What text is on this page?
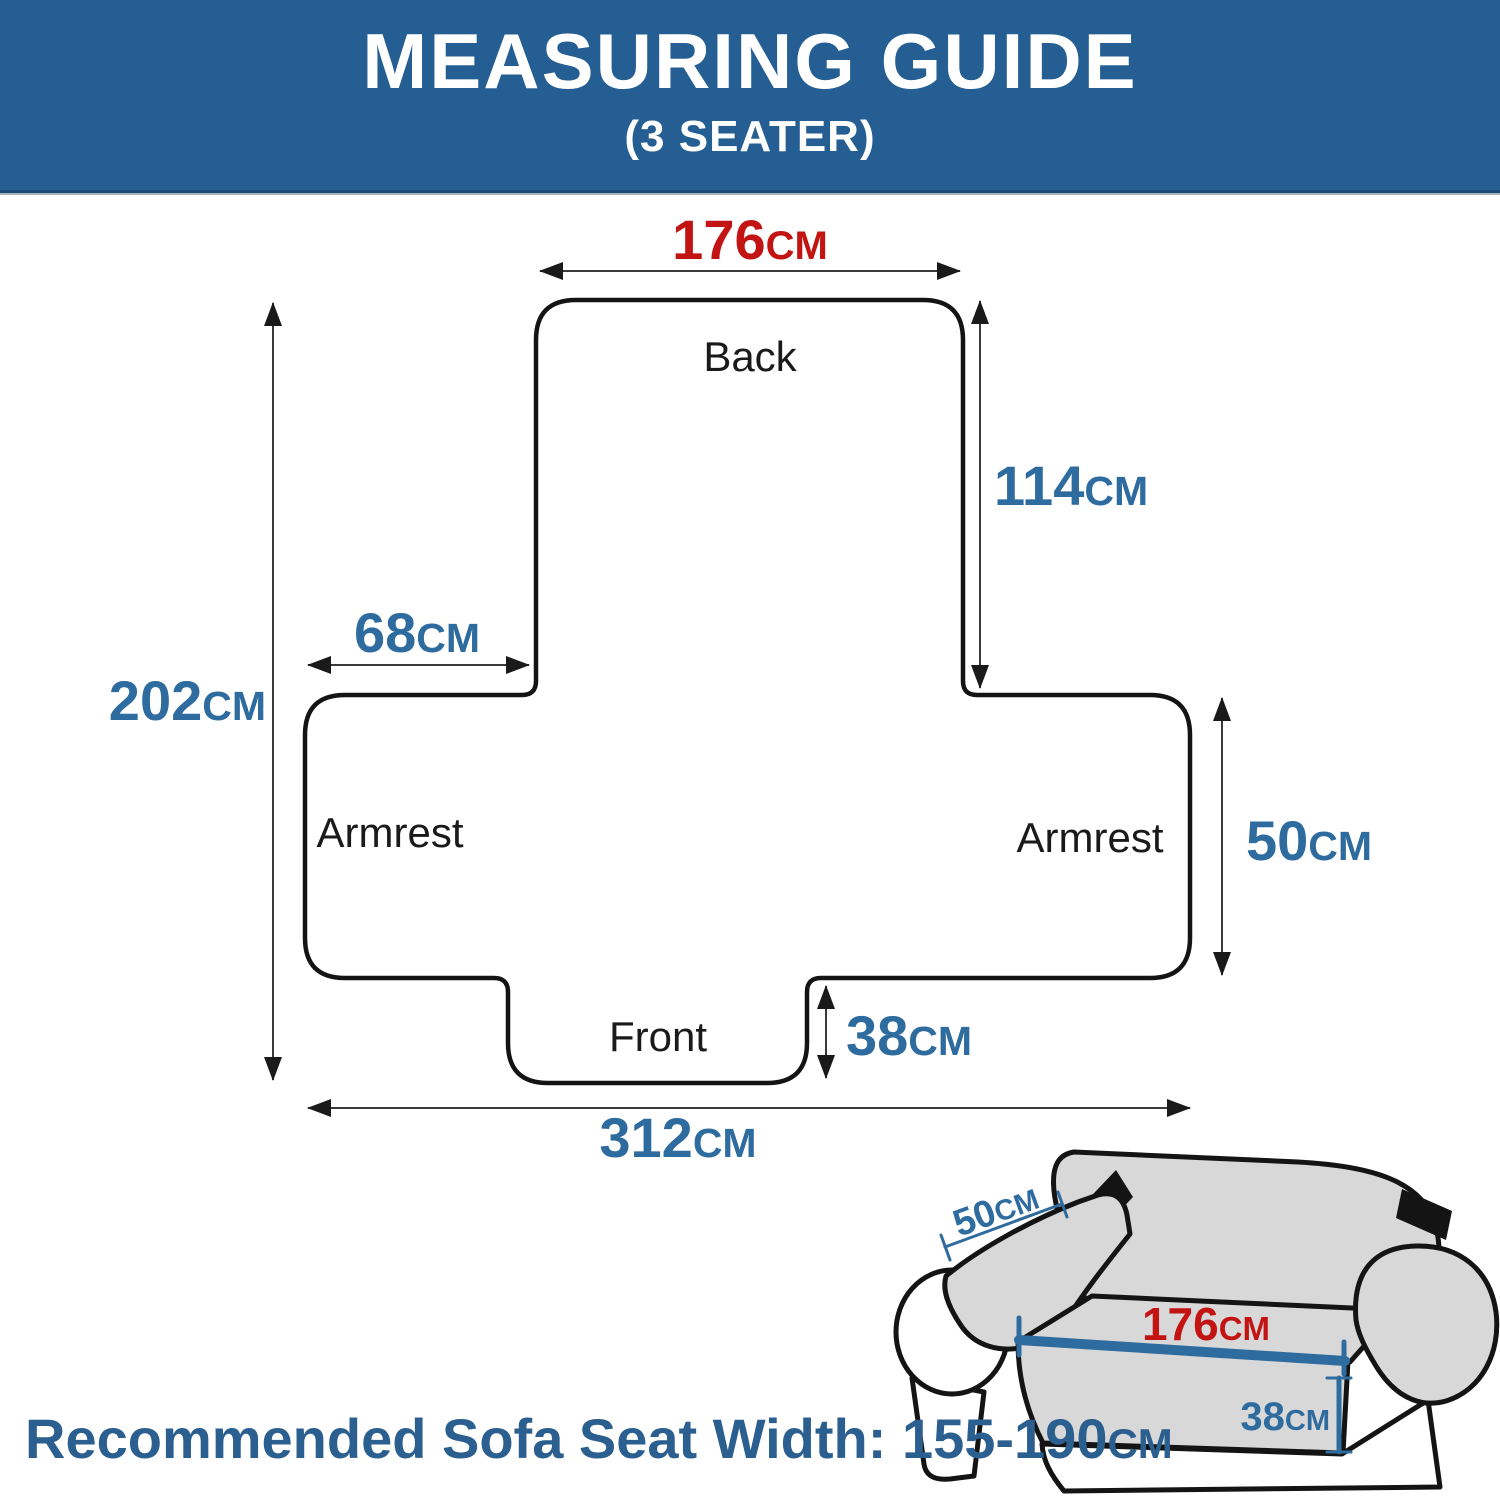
MEASURING GUIDE
(3 SEATER)
Back
Armrest	Armrest
Front
176CM
114CM
68CM
202CM
50CM
38CM
312CM
176CM
38CM
50CM
Recommended Sofa Seat Width: 155-190CM
